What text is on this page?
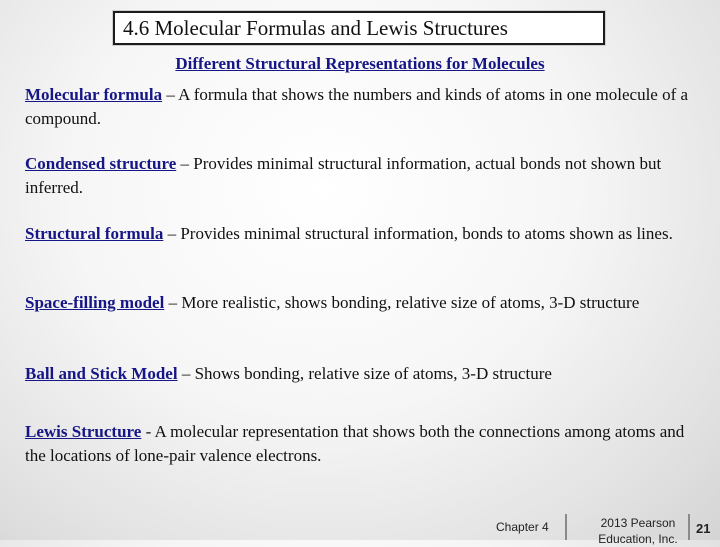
4.6 Molecular Formulas and Lewis Structures
Different Structural Representations for Molecules
Molecular formula – A formula that shows the numbers and kinds of atoms in one molecule of a compound.
Condensed structure – Provides minimal structural information, actual bonds not shown but inferred.
Structural formula – Provides minimal structural information, bonds to atoms shown as lines.
Space-filling model – More realistic, shows bonding, relative size of atoms, 3-D structure
Ball and Stick Model – Shows bonding, relative size of atoms, 3-D structure
Lewis Structure - A molecular representation that shows both the connections among atoms and the locations of lone-pair valence electrons.
Chapter 4	2013 Pearson Education, Inc.
21
